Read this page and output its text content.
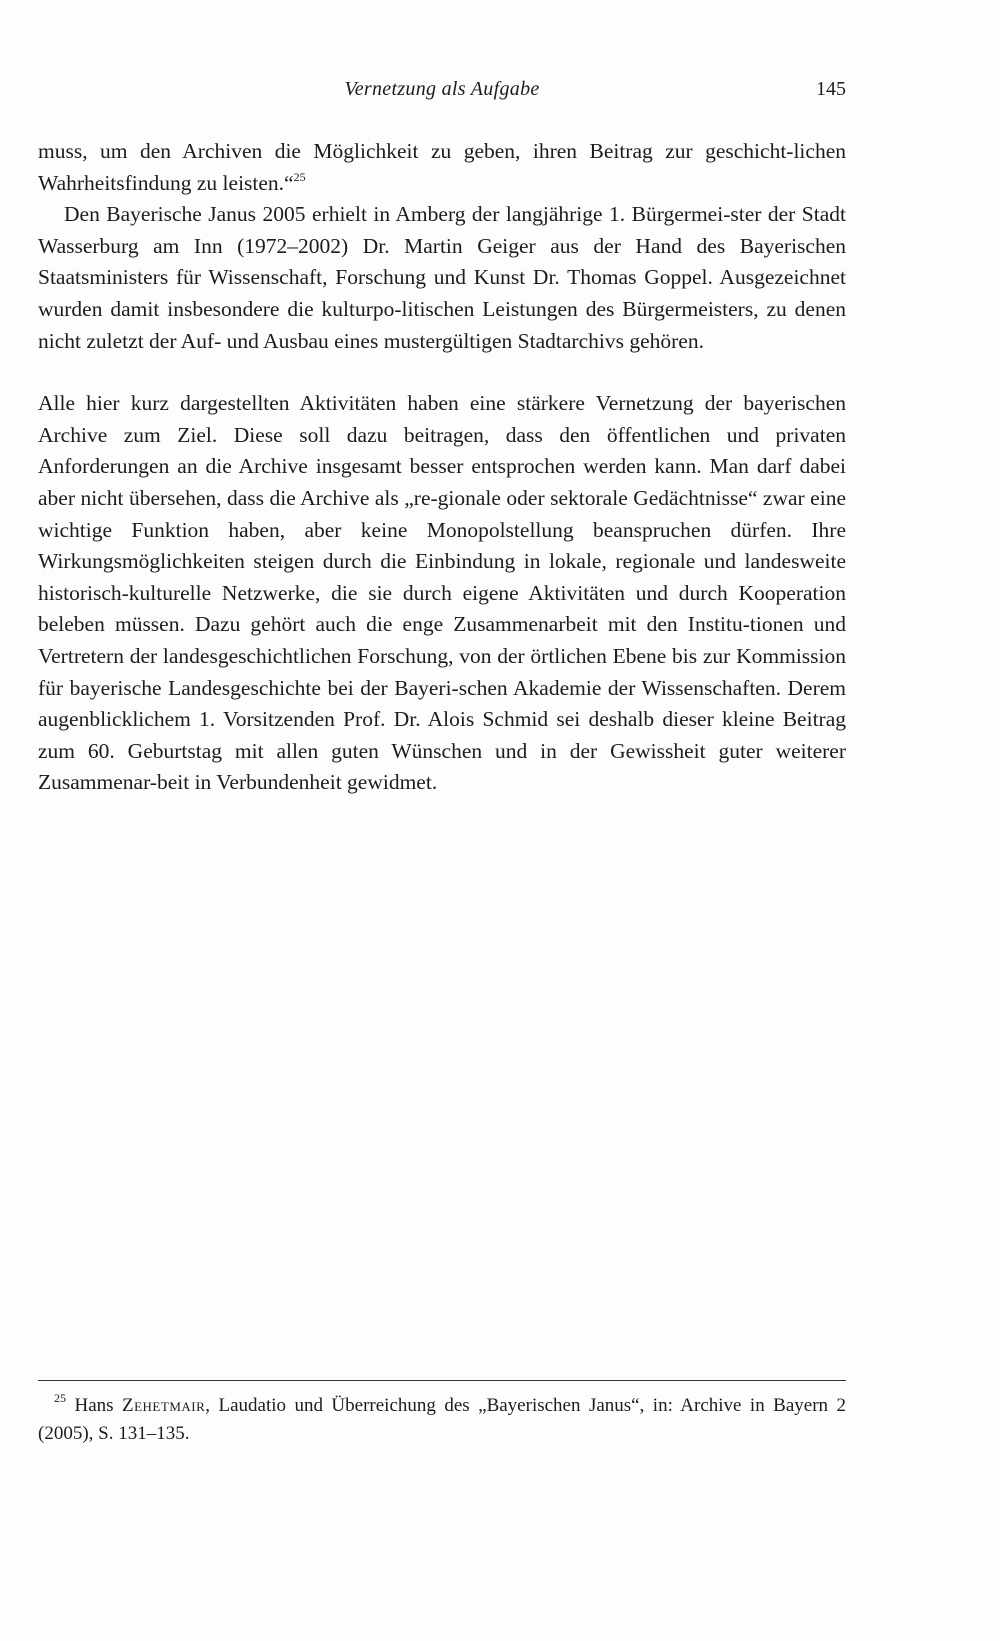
Vernetzung als Aufgabe	145

muss, um den Archiven die Möglichkeit zu geben, ihren Beitrag zur geschicht-lichen Wahrheitsfindung zu leisten.“$^{25}$

Den Bayerische Janus 2005 erhielt in Amberg der langjährige 1. Bürgermei-ster der Stadt Wasserburg am Inn (1972–2002) Dr. Martin Geiger aus der Hand des Bayerischen Staatsministers für Wissenschaft, Forschung und Kunst Dr. Thomas Goppel. Ausgezeichnet wurden damit insbesondere die kulturpo-litischen Leistungen des Bürgermeisters, zu denen nicht zuletzt der Auf- und Ausbau eines mustergültigen Stadtarchivs gehören.

Alle hier kurz dargestellten Aktivitäten haben eine stärkere Vernetzung der bayerischen Archive zum Ziel. Diese soll dazu beitragen, dass den öffentlichen und privaten Anforderungen an die Archive insgesamt besser entsprochen werden kann. Man darf dabei aber nicht übersehen, dass die Archive als „re-gionale oder sektorale Gedächtnisse“ zwar eine wichtige Funktion haben, aber keine Monopolstellung beanspruchen dürfen. Ihre Wirkungsmöglichkeiten steigen durch die Einbindung in lokale, regionale und landesweite historisch-kulturelle Netzwerke, die sie durch eigene Aktivitäten und durch Kooperation beleben müssen. Dazu gehört auch die enge Zusammenarbeit mit den Institu-tionen und Vertretern der landesgeschichtlichen Forschung, von der örtlichen Ebene bis zur Kommission für bayerische Landesgeschichte bei der Bayeri-schen Akademie der Wissenschaften. Derem augenblicklichem 1. Vorsitzenden Prof. Dr. Alois Schmid sei deshalb dieser kleine Beitrag zum 60. Geburtstag mit allen guten Wünschen und in der Gewissheit guter weiterer Zusammenar-beit in Verbundenheit gewidmet.

$^{25}$ Hans Zehetmair, Laudatio und Überreichung des „Bayerischen Janus“, in: Archive in Bayern 2 (2005), S. 131–135.
